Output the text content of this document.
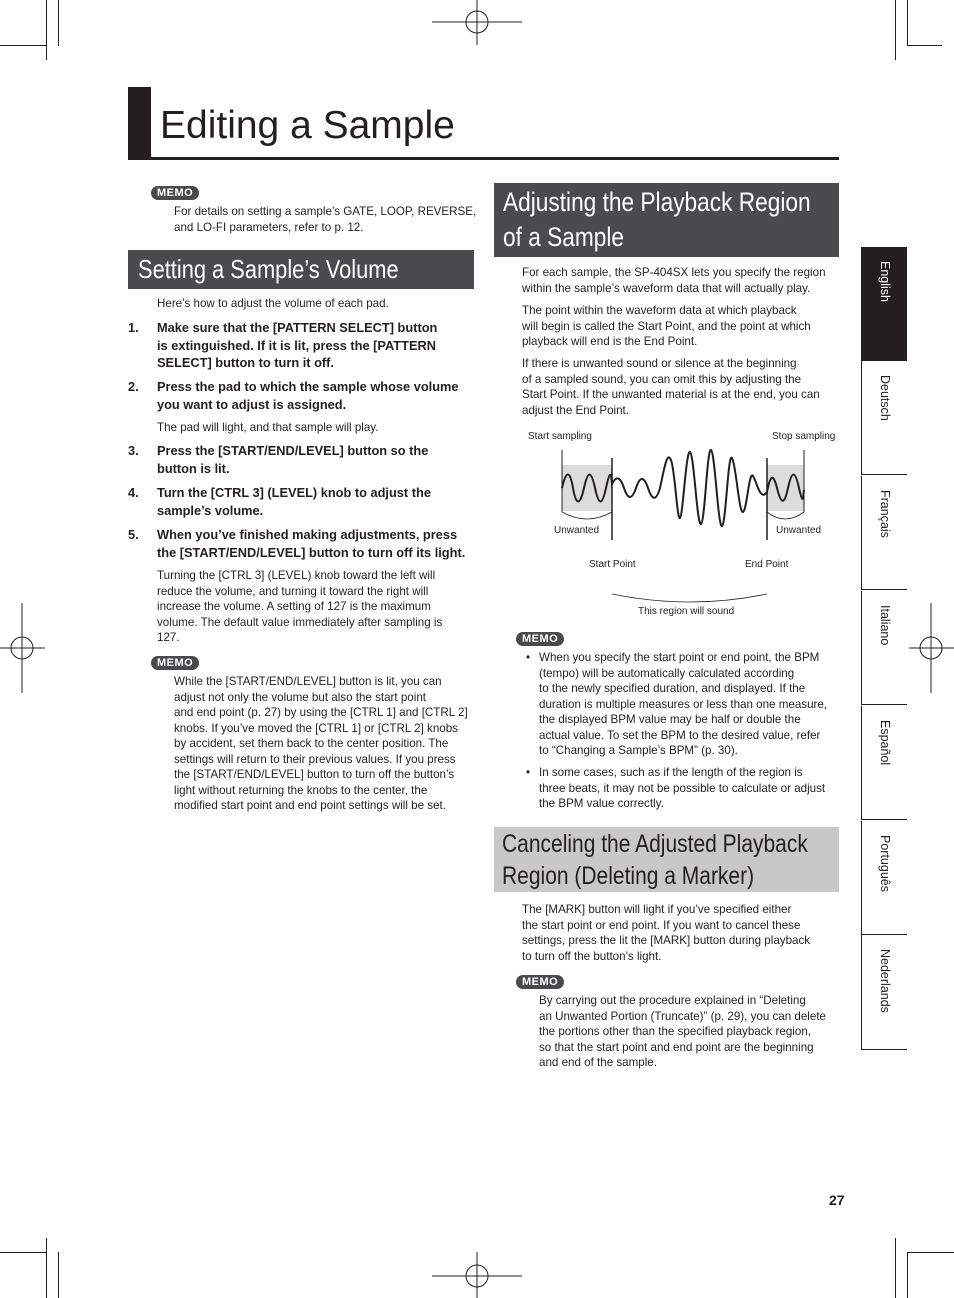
Editing a Sample
MEMO
For details on setting a sample’s GATE, LOOP, REVERSE,
and LO-FI parameters, refer to p. 12.
Setting a Sample’s Volume
Here’s how to adjust the volume of each pad.
1. Make sure that the [PATTERN SELECT] button
is extinguished. If it is lit, press the [PATTERN
SELECT] button to turn it off.
2. Press the pad to which the sample whose volume
you want to adjust is assigned.
The pad will light, and that sample will play.
3. Press the [START/END/LEVEL] button so the
button is lit.
4. Turn the [CTRL 3] (LEVEL) knob to adjust the
sample’s volume.
5. When you’ve finished making adjustments, press
the [START/END/LEVEL] button to turn off its light.
Turning the [CTRL 3] (LEVEL) knob toward the left will
reduce the volume, and turning it toward the right will
increase the volume. A setting of 127 is the maximum
volume. The default value immediately after sampling is
127.
MEMO
While the [START/END/LEVEL] button is lit, you can
adjust not only the volume but also the start point
and end point (p. 27) by using the [CTRL 1] and [CTRL 2]
knobs. If you’ve moved the [CTRL 1] or [CTRL 2] knobs
by accident, set them back to the center position. The
settings will return to their previous values. If you press
the [START/END/LEVEL] button to turn off the button’s
light without returning the knobs to the center, the
modified start point and end point settings will be set.
Adjusting the Playback Region
of a Sample
For each sample, the SP-404SX lets you specify the region
within the sample’s waveform data that will actually play.
The point within the waveform data at which playback
will begin is called the Start Point, and the point at which
playback will end is the End Point.
If there is unwanted sound or silence at the beginning
of a sampled sound, you can omit this by adjusting the
Start Point. If the unwanted material is at the end, you can
adjust the End Point.
Start sampling	Stop sampling
Unwanted	Unwanted
Start Point	End Point
This region will sound
MEMO
• When you specify the start point or end point, the BPM
(tempo) will be automatically calculated according
to the newly specified duration, and displayed. If the
duration is multiple measures or less than one measure,
the displayed BPM value may be half or double the
actual value. To set the BPM to the desired value, refer
to “Changing a Sample’s BPM” (p. 30).
• In some cases, such as if the length of the region is
three beats, it may not be possible to calculate or adjust
the BPM value correctly.
Canceling the Adjusted Playback
Region (Deleting a Marker)
The [MARK] button will light if you’ve specified either
the start point or end point. If you want to cancel these
settings, press the lit the [MARK] button during playback
to turn off the button’s light.
MEMO
By carrying out the procedure explained in “Deleting
an Unwanted Portion (Truncate)” (p. 29), you can delete
the portions other than the specified playback region,
so that the start point and end point are the beginning
and end of the sample.
English
Deutsch
Français
Italiano
Español
Português
Nederlands
27
